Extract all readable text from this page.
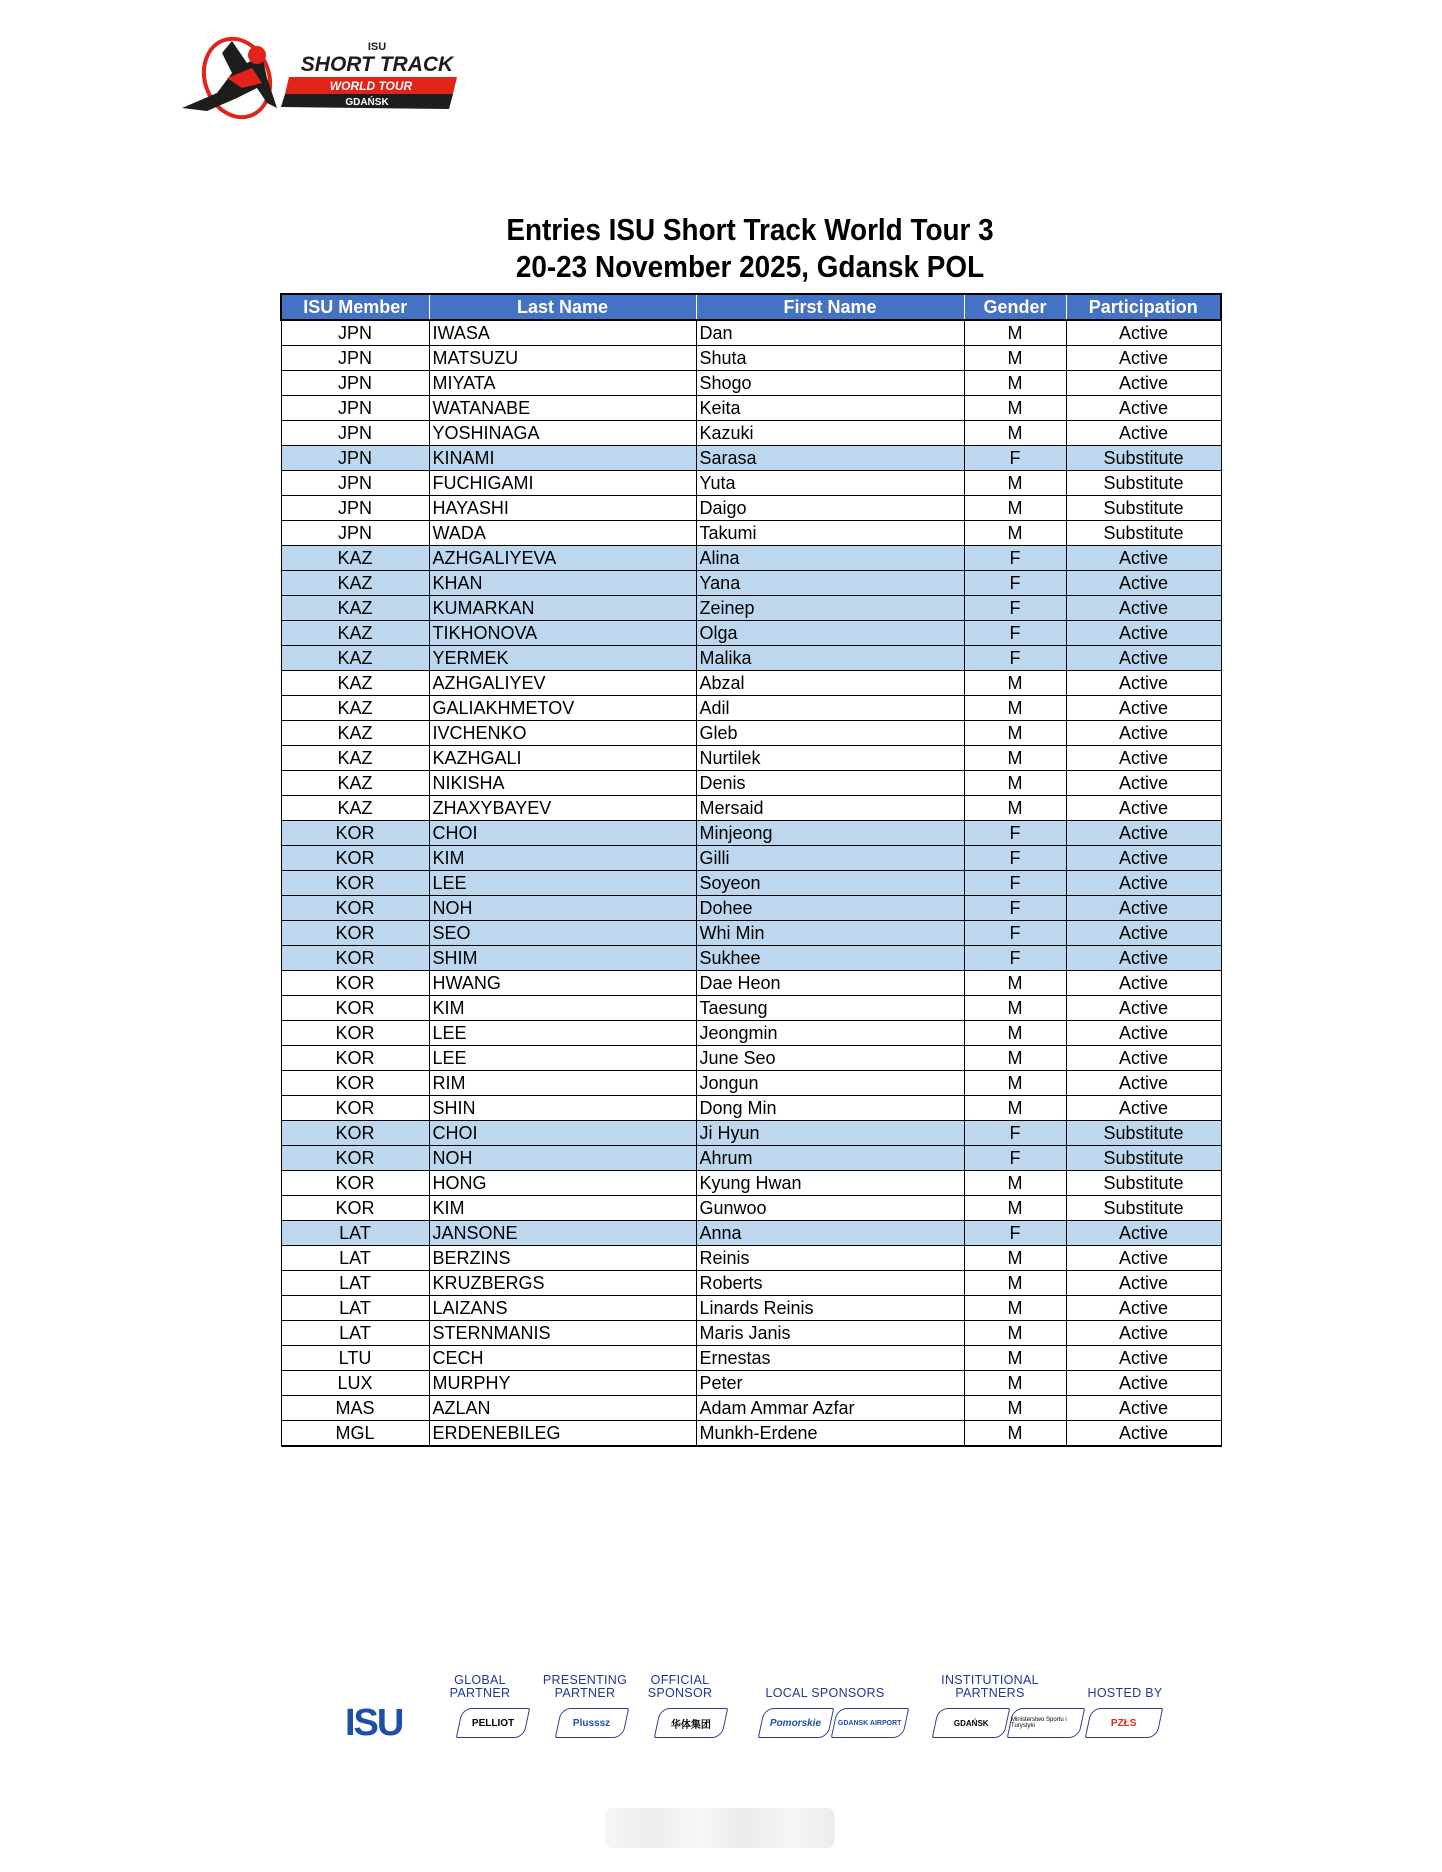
ISU
SHORT TRACK
WORLD TOUR
GDAŃSK
Entries ISU Short Track World Tour 3
20-23 November 2025, Gdansk POL
ISU Member	Last Name	First Name	Gender	Participation
JPN	IWASA	Dan	M	Active
JPN	MATSUZU	Shuta	M	Active
JPN	MIYATA	Shogo	M	Active
JPN	WATANABE	Keita	M	Active
JPN	YOSHINAGA	Kazuki	M	Active
JPN	KINAMI	Sarasa	F	Substitute
JPN	FUCHIGAMI	Yuta	M	Substitute
JPN	HAYASHI	Daigo	M	Substitute
JPN	WADA	Takumi	M	Substitute
KAZ	AZHGALIYEVA	Alina	F	Active
KAZ	KHAN	Yana	F	Active
KAZ	KUMARKAN	Zeinep	F	Active
KAZ	TIKHONOVA	Olga	F	Active
KAZ	YERMEK	Malika	F	Active
KAZ	AZHGALIYEV	Abzal	M	Active
KAZ	GALIAKHMETOV	Adil	M	Active
KAZ	IVCHENKO	Gleb	M	Active
KAZ	KAZHGALI	Nurtilek	M	Active
KAZ	NIKISHA	Denis	M	Active
KAZ	ZHAXYBAYEV	Mersaid	M	Active
KOR	CHOI	Minjeong	F	Active
KOR	KIM	Gilli	F	Active
KOR	LEE	Soyeon	F	Active
KOR	NOH	Dohee	F	Active
KOR	SEO	Whi Min	F	Active
KOR	SHIM	Sukhee	F	Active
KOR	HWANG	Dae Heon	M	Active
KOR	KIM	Taesung	M	Active
KOR	LEE	Jeongmin	M	Active
KOR	LEE	June Seo	M	Active
KOR	RIM	Jongun	M	Active
KOR	SHIN	Dong Min	M	Active
KOR	CHOI	Ji Hyun	F	Substitute
KOR	NOH	Ahrum	F	Substitute
KOR	HONG	Kyung Hwan	M	Substitute
KOR	KIM	Gunwoo	M	Substitute
LAT	JANSONE	Anna	F	Active
LAT	BERZINS	Reinis	M	Active
LAT	KRUZBERGS	Roberts	M	Active
LAT	LAIZANS	Linards Reinis	M	Active
LAT	STERNMANIS	Maris Janis	M	Active
LTU	CECH	Ernestas	M	Active
LUX	MURPHY	Peter	M	Active
MAS	AZLAN	Adam Ammar Azfar	M	Active
MGL	ERDENEBILEG	Munkh-Erdene	M	Active
ISU
GLOBAL PARTNER
PRESENTING PARTNER
OFFICIAL SPONSOR	LOCAL SPONSORS
INSTITUTIONAL PARTNERS	HOSTED BY
PELLIOT	Plusssz	华体集团	Pomorskie GDANSK AIRPORT	GDAŃSK	Ministerstwo Sportu i Turystyki	PZŁS
